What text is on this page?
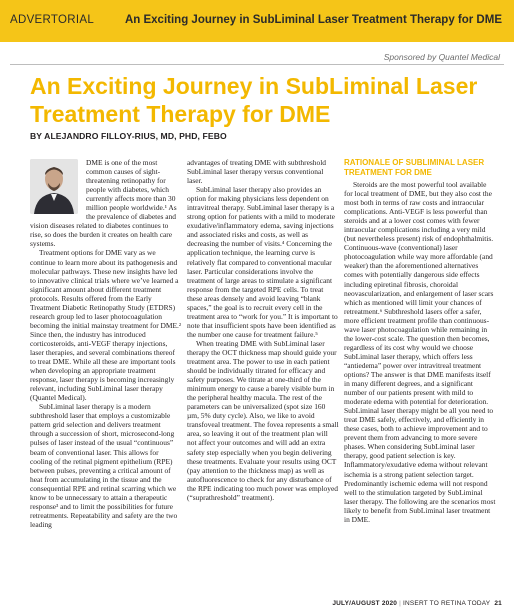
ADVERTORIAL	An Exciting Journey in SubLiminal Laser Treatment Therapy for DME
Sponsored by Quantel Medical
An Exciting Journey in SubLiminal Laser Treatment Therapy for DME
BY ALEJANDRO FILLOY-RIUS, MD, PHD, FEBO

DME is one of the most common causes of sight-threatening retinopathy for people with diabetes, which currently affects more than 30 million people worldwide.¹ As the prevalence of diabetes and vision diseases related to diabetes continues to rise, so does the burden it creates on health care systems.

Treatment options for DME vary as we continue to learn more about its pathogenesis and molecular pathways. These new insights have led to innovative clinical trials where we’ve learned a significant amount about different treatment protocols. Results offered from the Early Treatment Diabetic Retinopathy Study (ETDRS) research group led to laser photocoagulation becoming the initial mainstay treatment for DME.² Since then, the industry has introduced corticosteroids, anti-VEGF therapy injections, laser therapies, and several combinations thereof to treat DME. While all these are important tools when developing an appropriate treatment response, laser therapy is becoming increasingly relevant, including SubLiminal laser therapy (Quantel Medical).

SubLiminal laser therapy is a modern subthreshold laser that employs a customizable pattern grid selection and delivers treatment through a succession of short, microsecond-long pulses of laser instead of the usual “continuous” beam of conventional laser. This allows for cooling of the retinal pigment epithelium (RPE) between pulses, preventing a critical amount of heat from accumulating in the tissue and the consequential RPE and retinal scarring which we know to be unnecessary to attain a therapeutic response³ and to limit the possibilities for future retreatments. Repeatability and safety are the two leading

advantages of treating DME with subthreshold SubLiminal laser therapy versus conventional laser.

SubLiminal laser therapy also provides an option for making physicians less dependent on intravitreal therapy. SubLiminal laser therapy is a strong option for patients with a mild to moderate exudative/inflammatory edema, saving injections and associated risks and costs, as well as decreasing the number of visits.⁴ Concerning the application technique, the learning curve is relatively flat compared to conventional macular laser. Particular considerations involve the treatment of large areas to stimulate a significant response from the targeted RPE cells. To treat these areas densely and avoid leaving “blank spaces,” the goal is to recruit every cell in the treatment area to “work for you.” It is important to note that insufficient spots have been identified as the number one cause for treatment failure.⁵

When treating DME with SubLiminal laser therapy the OCT thickness map should guide your treatment area. The power to use in each patient should be individually titrated for efficacy and safety purposes. We titrate at one-third of the minimum energy to cause a barely visible burn in the peripheral healthy macula. The rest of the parameters can be universalized (spot size 160 µm, 5% duty cycle). Also, we like to avoid transfoveal treatment. The fovea represents a small area, so leaving it out of the treatment plan will not affect your outcomes and will add an extra safety step especially when you begin delivering these treatments. Evaluate your results using OCT (pay attention to the thickness map) as well as autofluorescence to check for any disturbance of the RPE indicating too much power was employed (“suprathreshold” treatment).

RATIONALE OF SUBLIMINAL LASER TREATMENT FOR DME

Steroids are the most powerful tool available for local treatment of DME, but they also cost the most both in terms of raw costs and intraocular complications. Anti-VEGF is less powerful than steroids and at a lower cost comes with fewer intraocular complications including a very mild (but nevertheless present) risk of endophthalmitis. Continuous-wave (conventional) laser photocoagulation while way more affordable (and weaker) than the aforementioned alternatives comes with potentially dangerous side effects including epiretinal fibrosis, choroidal neovascularization, and enlargement of laser scars which as mentioned will limit your chances of retreatment.⁶ Subthreshold lasers offer a safer, more efficient treatment profile than continuous-wave laser photocoagulation while remaining in the lower-cost scale. The question then becomes, regardless of its cost why would we choose SubLiminal laser therapy, which offers less “antiedema” power over intravitreal treatment options? The answer is that DME manifests itself in many different degrees, and a significant number of our patients present with mild to moderate edema with potential for deterioration. SubLiminal laser therapy might be all you need to treat DME safely, effectively, and efficiently in these cases, both to achieve improvement and to prevent them from advancing to more severe phases. When considering SubLiminal laser therapy, good patient selection is key. Inflammatory/exudative edema without relevant ischemia is a strong patient selection target. Predominantly ischemic edema will not respond well to the stimulation targeted by SubLiminal laser therapy. The following are the scenarios most likely to benefit from SubLiminal laser treatment in DME.

JULY/AUGUST 2020 | INSERT TO RETINA TODAY 21
